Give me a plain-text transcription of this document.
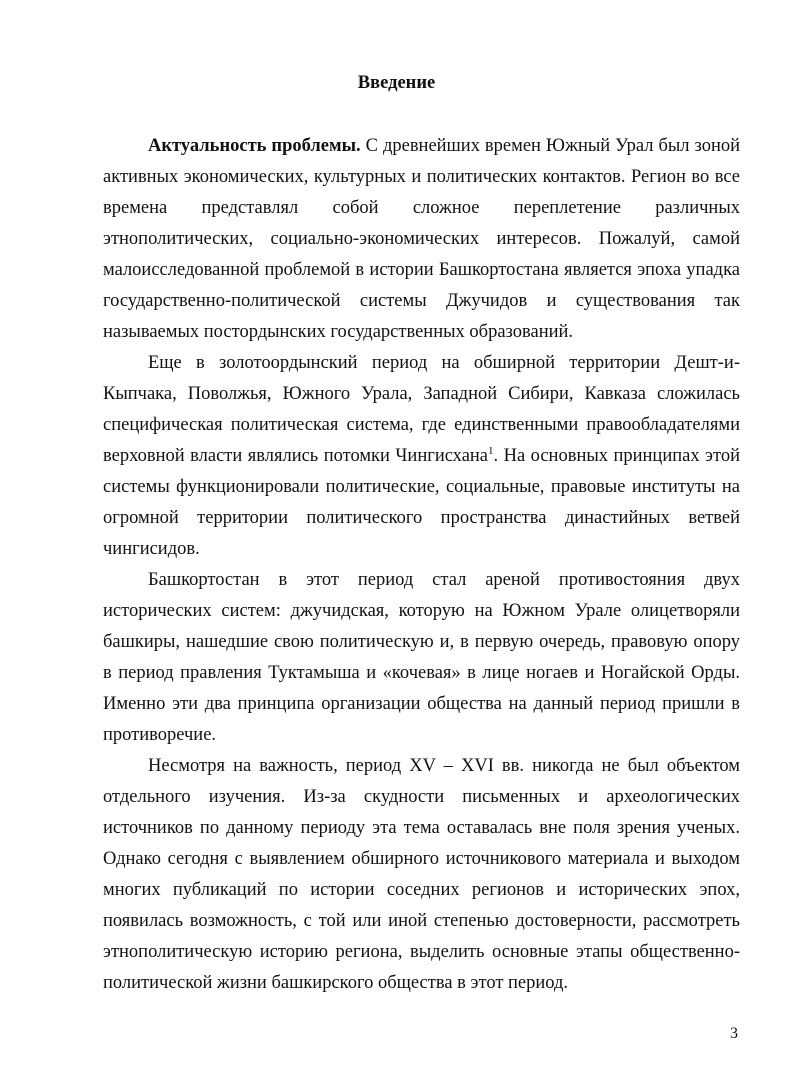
Введение

Актуальность проблемы. С древнейших времен Южный Урал был зоной активных экономических, культурных и политических контактов. Регион во все времена представлял собой сложное переплетение различных этнополитических, социально-экономических интересов. Пожалуй, самой малоисследованной проблемой в истории Башкортостана является эпоха упадка государственно-политической системы Джучидов и существования так называемых постордынских государственных образований.

Еще в золотоордынский период на обширной территории Дешт-и-Кыпчака, Поволжья, Южного Урала, Западной Сибири, Кавказа сложилась специфическая политическая система, где единственными правообладателями верховной власти являлись потомки Чингисхана$^1$. На основных принципах этой системы функционировали политические, социальные, правовые институты на огромной территории политического пространства династийных ветвей чингисидов.

Башкортостан в этот период стал ареной противостояния двух исторических систем: джучидская, которую на Южном Урале олицетворяли башкиры, нашедшие свою политическую и, в первую очередь, правовую опору в период правления Туктамыша и «кочевая» в лице ногаев и Ногайской Орды. Именно эти два принципа организации общества на данный период пришли в противоречие.

Несмотря на важность, период XV – XVI вв. никогда не был объектом отдельного изучения. Из-за скудности письменных и археологических источников по данному периоду эта тема оставалась вне поля зрения ученых. Однако сегодня с выявлением обширного источникового материала и выходом многих публикаций по истории соседних регионов и исторических эпох, появилась возможность, с той или иной степенью достоверности, рассмотреть этнополитическую историю региона, выделить основные этапы общественно-политической жизни башкирского общества в этот период.

3
